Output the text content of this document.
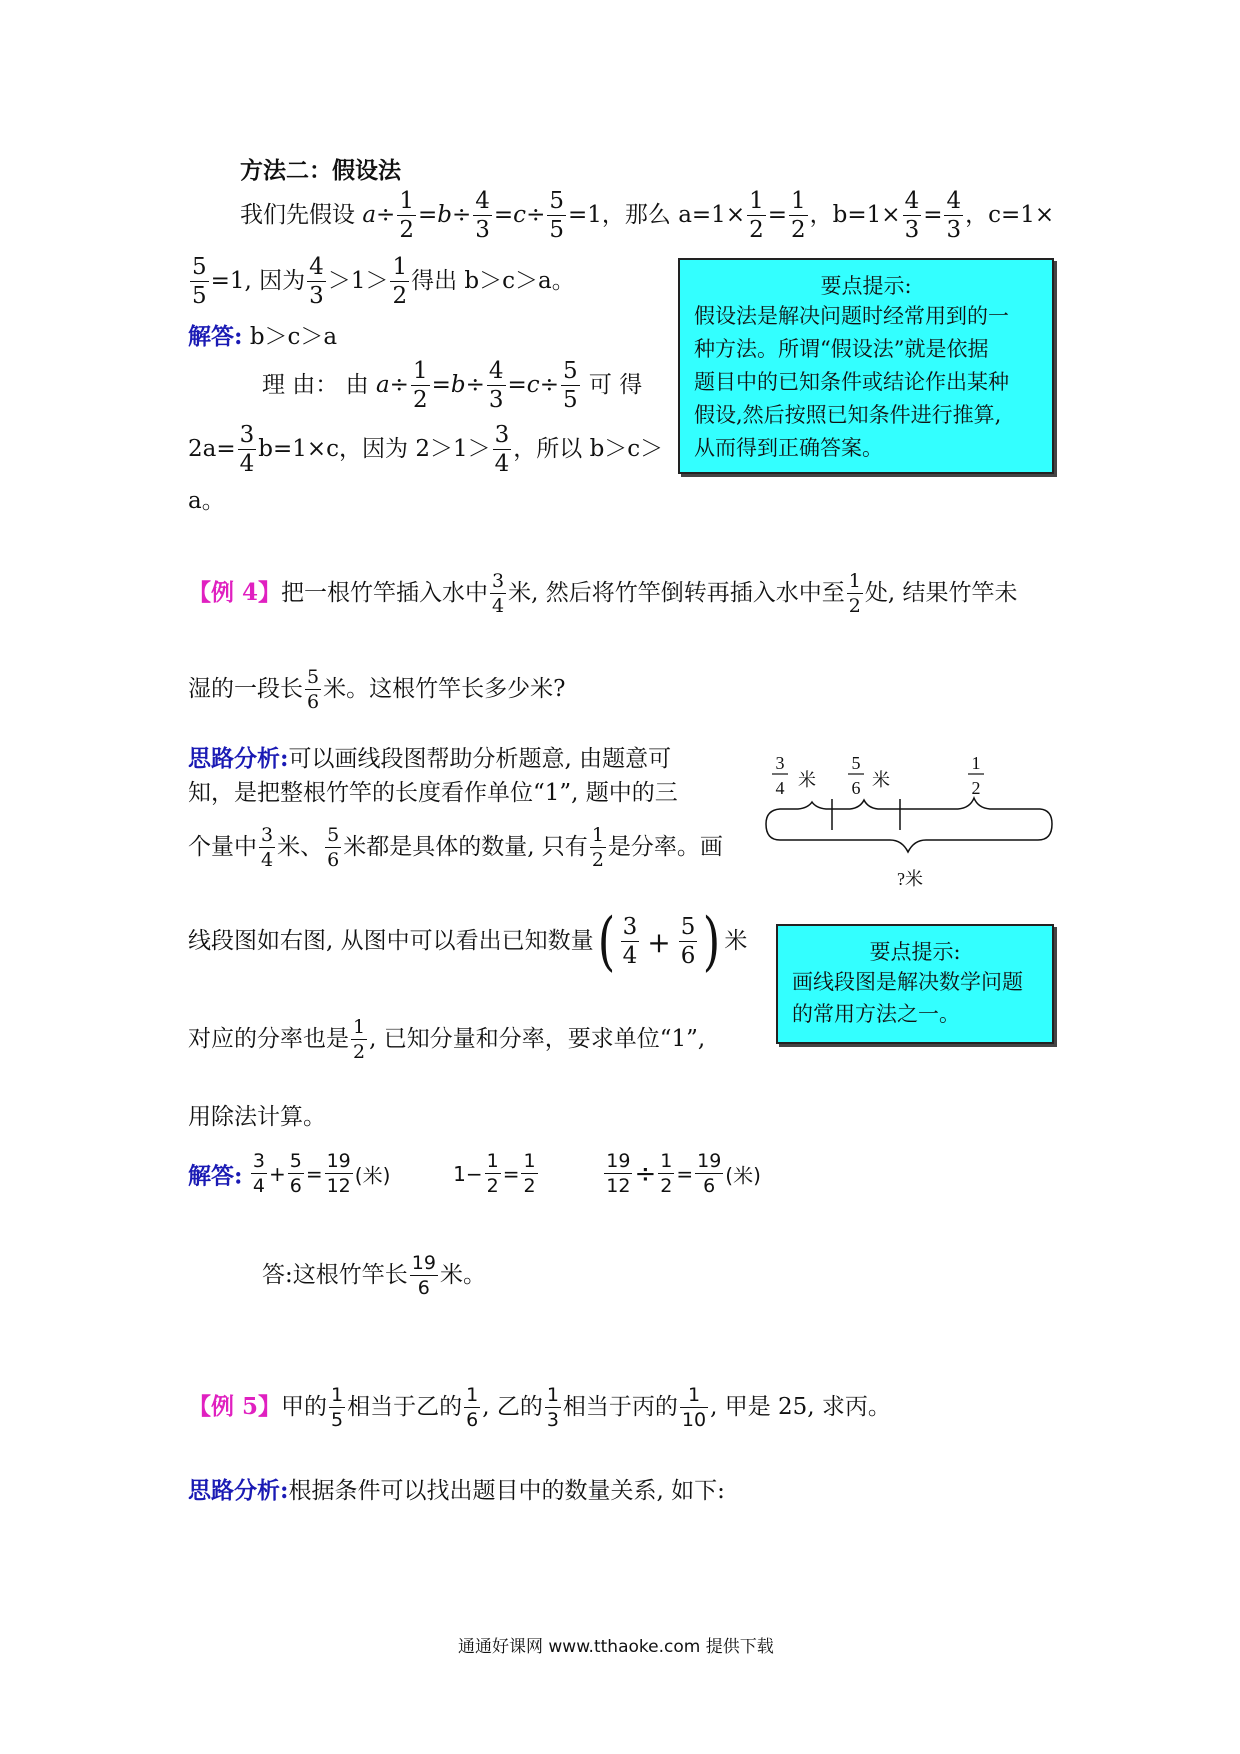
方法二：假设法
我们先假设 $a\div \frac{1}{2} =b\div \frac{4}{3} =c\div \frac{5}{5} =1$，那么 $a=1\times \frac{1}{2} = \frac{1}{2}$ ，$b=1\times \frac{4}{3} = \frac{4}{3}$ ，c=1×
$\frac{5}{5} =1$, 因为 $\frac{4}{3} >1> \frac{1}{2}$ 得出 b＞c＞a。
解答: b＞c＞a
理 由： 由 $a\div \frac{1}{2} =b\div \frac{4}{3} =c\div \frac{5}{5}$ 可 得
$2a= \frac{3}{4} b=1\times c$，因为 $2>1> \frac{3}{4}$ ，所以 b＞c＞
a。
要点提示:
假设法是解决问题时经常用到的一
种方法。所谓“假设法”就是依据
题目中的已知条件或结论作出某种
假设,然后按照已知条件进行推算,
从而得到正确答案。
【例 4】把一根竹竿插入水中 $\frac{3}{4}$ 米, 然后将竹竿倒转再插入水中至 $\frac{1}{2}$ 处, 结果竹竿未
湿的一段长 $\frac{5}{6}$ 米。这根竹竿长多少米?
思路分析:可以画线段图帮助分析题意, 由题意可
知，是把整根竹竿的长度看作单位“1”, 题中的三
个量中 $\frac{3}{4}$ 米、 $\frac{5}{6}$ 米都是具体的数量, 只有 $\frac{1}{2}$ 是分率。画
线段图如右图, 从图中可以看出已知数量( $\frac{3}{4} + \frac{5}{6}$ ) 米
对应的分率也是 $\frac{1}{2}$ , 已知分量和分率，要求单位“1”,
用除法计算。
3
4 米
5
6 米
1
2
?米
要点提示:
画线段图是解决数学问题
的常用方法之一。
解答: $\frac{3}{4} + \frac{5}{6} = \frac{19}{12}$ (米)	$1- \frac{1}{2} = \frac{1}{2}$
	$\frac{19}{12} \div \frac{1}{2} = \frac{19}{6}$ (米)
答:这根竹竿长 $\frac{19}{6}$ 米。
【例 5】甲的 $\frac{1}{5}$ 相当于乙的 $\frac{1}{6}$ , 乙的 $\frac{1}{3}$ 相当于丙的 $\frac{1}{10}$ , 甲是 25, 求丙。
思路分析:根据条件可以找出题目中的数量关系, 如下:
通通好课网 www.tthaoke.com 提供下载
